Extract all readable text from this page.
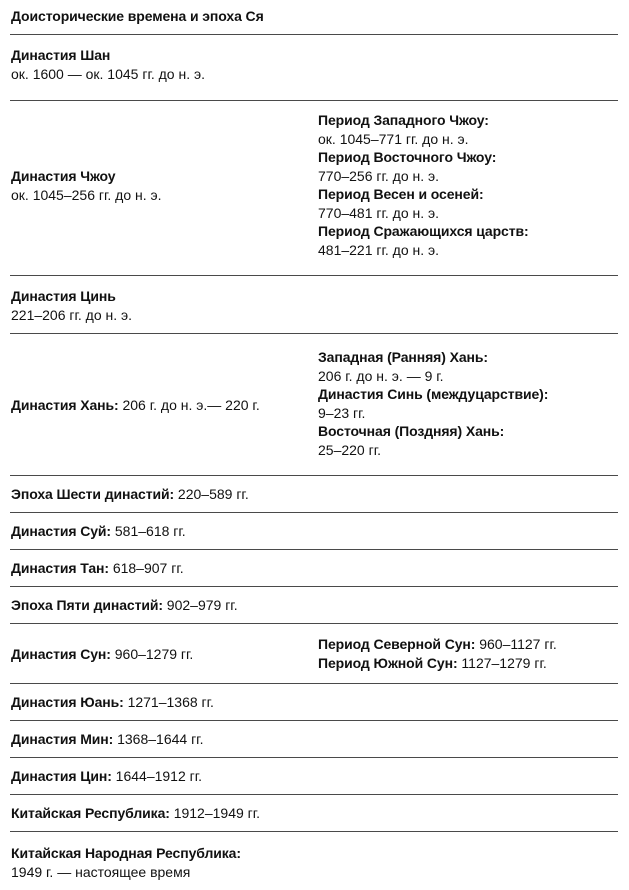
Доисторические времена и эпоха Ся
Династия Шан
ок. 1600 — ок. 1045 гг. до н. э.
Династия Чжоу
ок. 1045–256 гг. до н. э.
Период Западного Чжоу:
ок. 1045–771 гг. до н. э.
Период Восточного Чжоу:
770–256 гг. до н. э.
Период Весен и осеней:
770–481 гг. до н. э.
Период Сражающихся царств:
481–221 гг. до н. э.
Династия Цинь
221–206 гг. до н. э.
Династия Хань: 206 г. до н. э.— 220 г.
Западная (Ранняя) Хань:
206 г. до н. э. — 9 г.
Династия Синь (междуцарствие):
9–23 гг.
Восточная (Поздняя) Хань:
25–220 гг.
Эпоха Шести династий: 220–589 гг.
Династия Суй: 581–618 гг.
Династия Тан: 618–907 гг.
Эпоха Пяти династий: 902–979 гг.
Династия Сун: 960–1279 гг.
Период Северной Сун: 960–1127 гг.
Период Южной Сун: 1127–1279 гг.
Династия Юань: 1271–1368 гг.
Династия Мин: 1368–1644 гг.
Династия Цин: 1644–1912 гг.
Китайская Республика: 1912–1949 гг.
Китайская Народная Республика:
1949 г. — настоящее время
